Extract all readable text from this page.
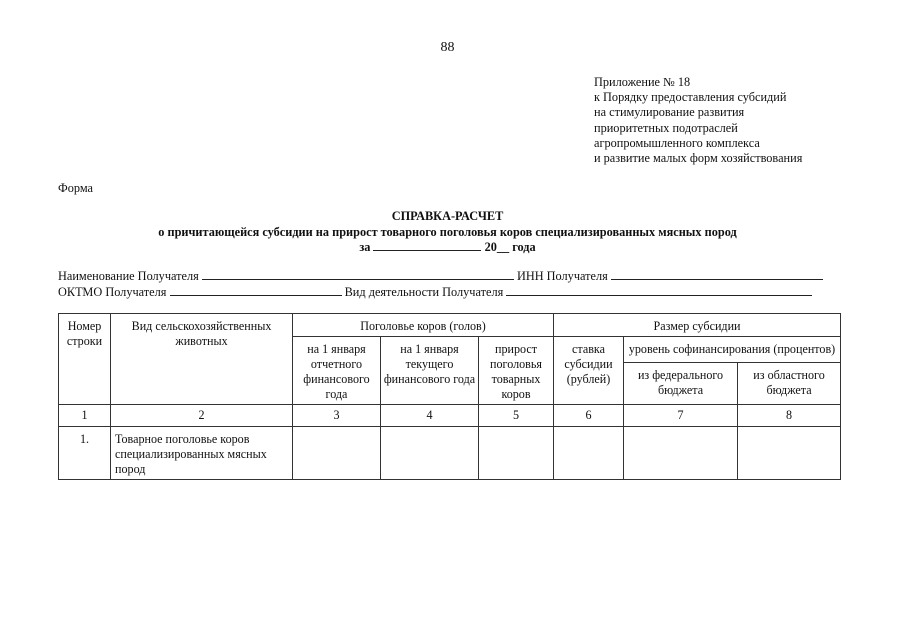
88
Приложение № 18
к Порядку предоставления субсидий
на стимулирование развития
приоритетных подотраслей
агропромышленного комплекса
и развитие малых форм хозяйствования
Форма
СПРАВКА-РАСЧЕТ
о причитающейся субсидии на прирост товарного поголовья коров специализированных мясных пород
за	20__ года
Наименование Получателя	ИНН Получателя
ОКТМО Получателя	Вид деятельности Получателя
Номер строки	Вид сельскохозяйственных животных	Поголовье коров (голов)			Размер субсидии		
		на 1 января отчетного финансового года	на 1 января текущего финансового года	прирост поголовья товарных коров	ставка субсидии (рублей)	уровень софинансирования (процентов)	
						из федерального бюджета	из областного бюджета
1	2	3	4	5	6	7	8
1.	Товарное поголовье коров специализированных мясных пород						
